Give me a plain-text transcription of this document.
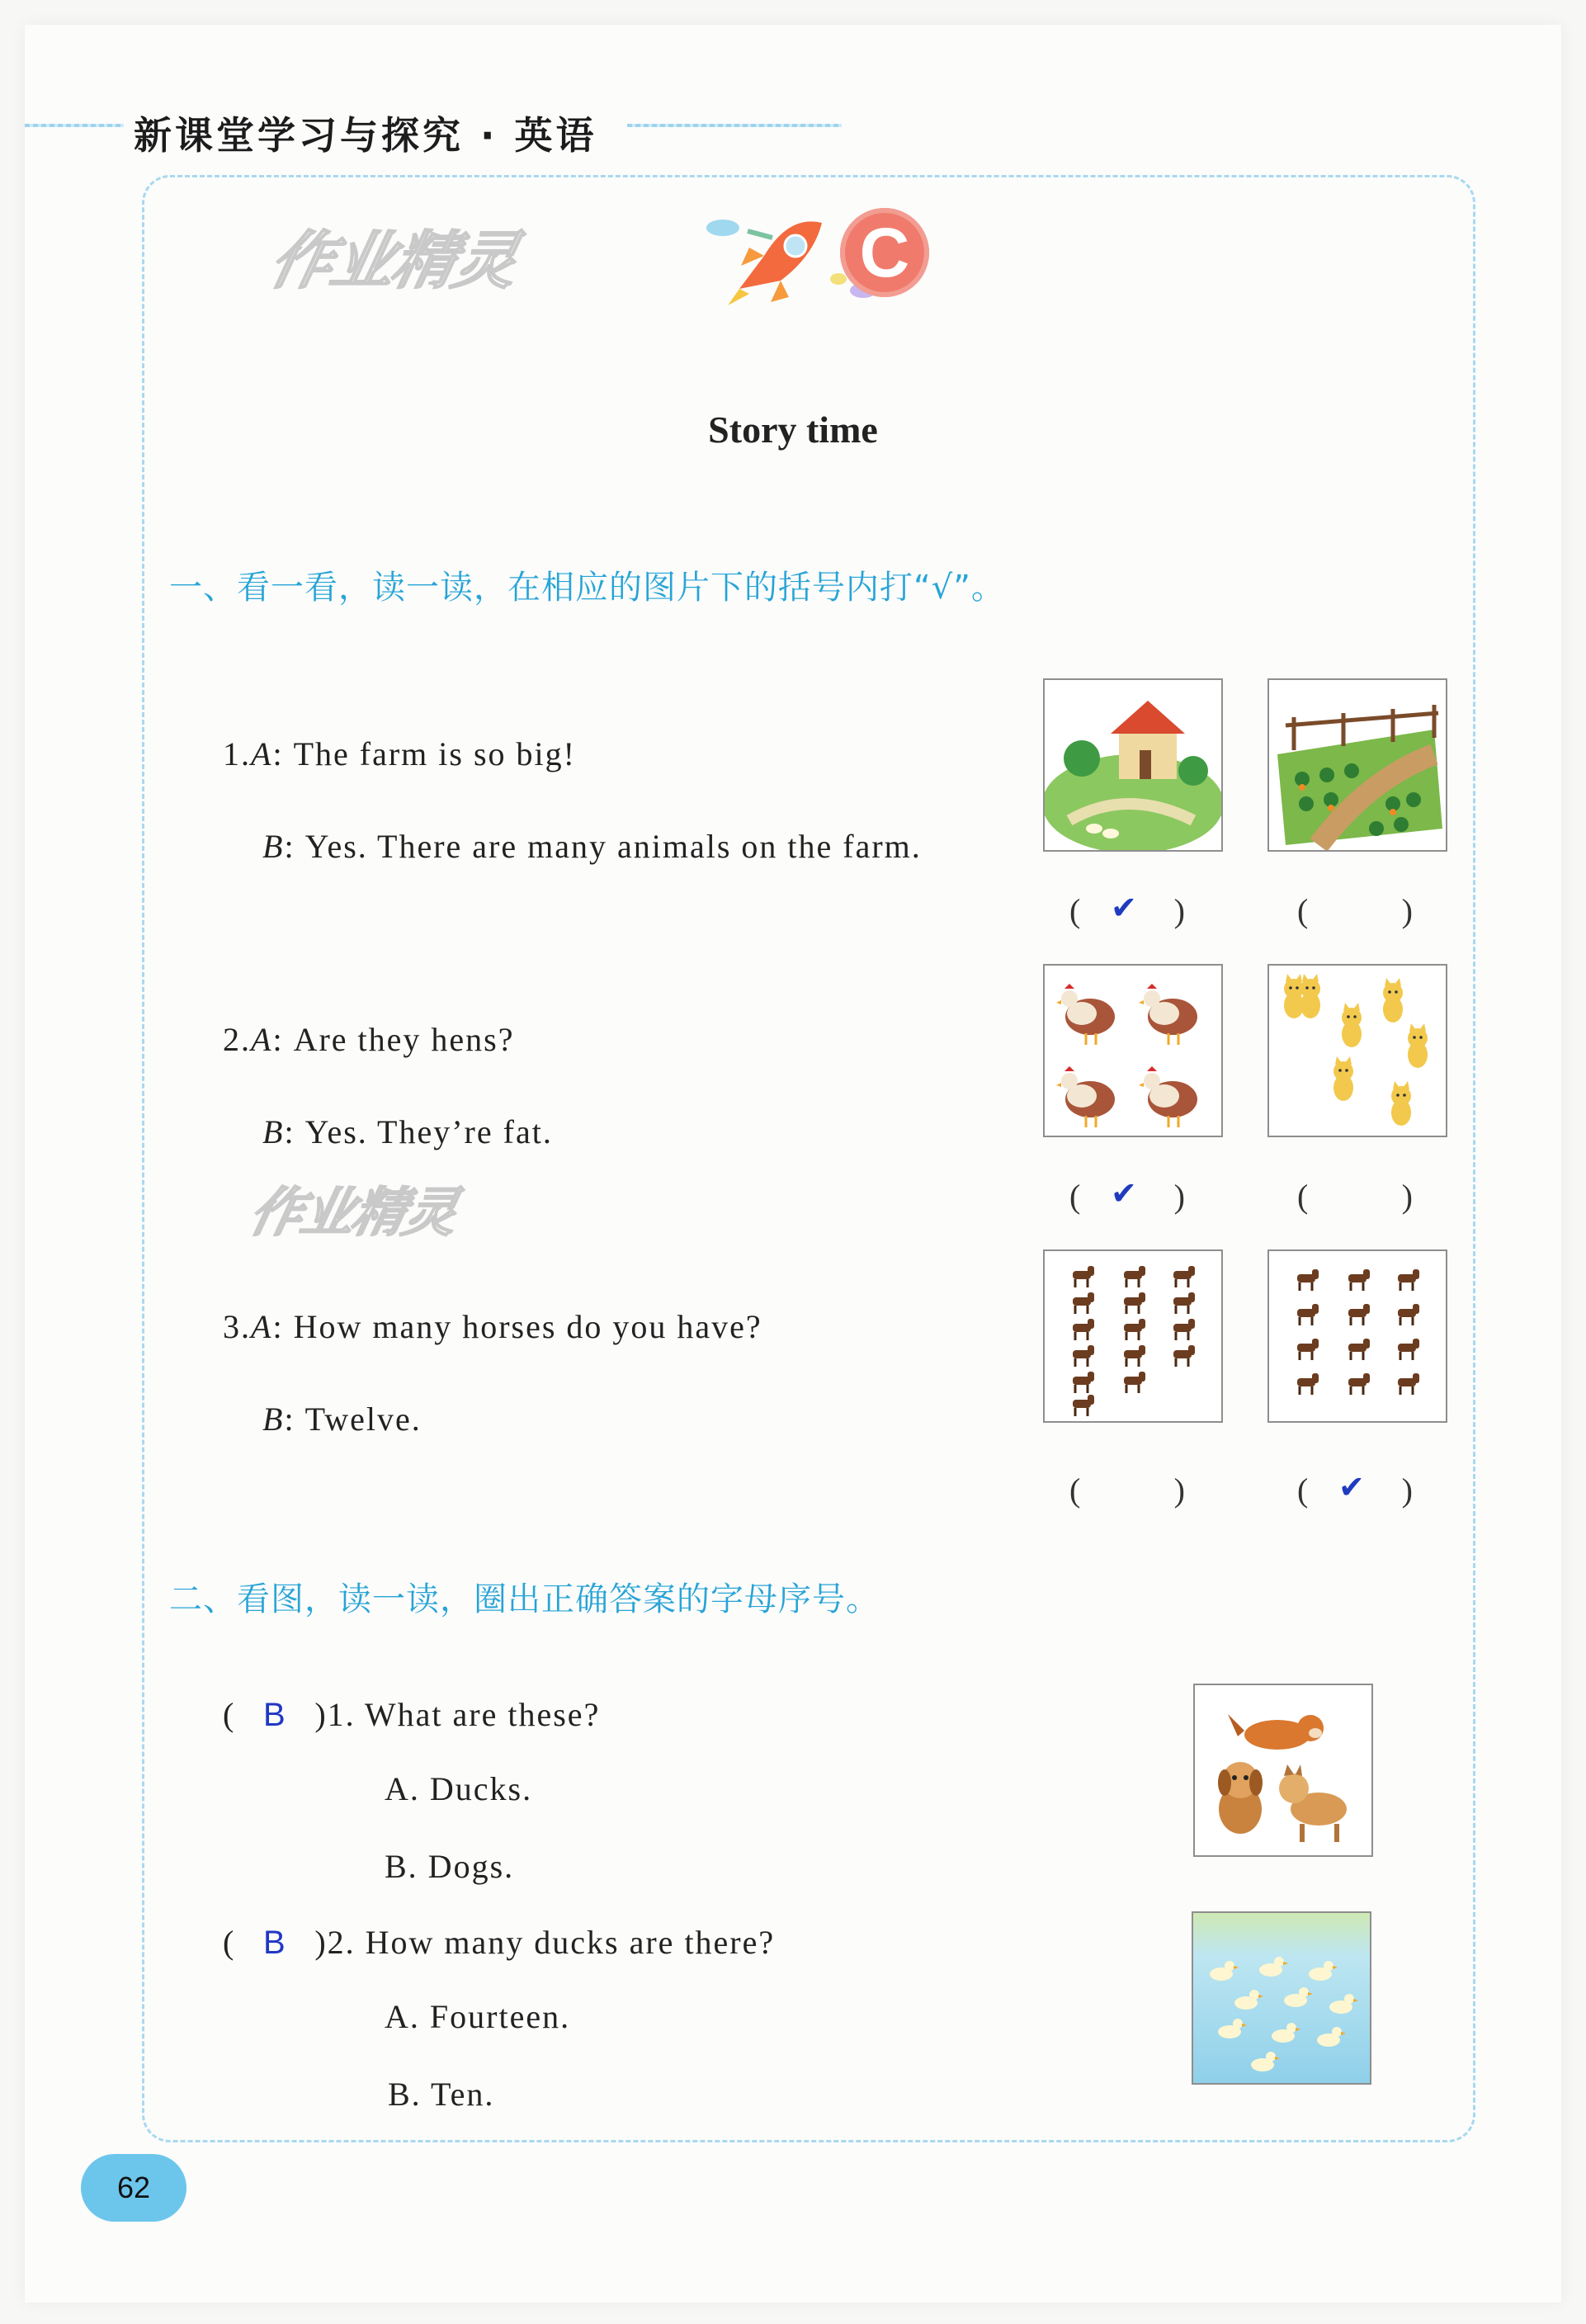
新课堂学习与探究 · 英语
作业精灵
作业精灵
C
Story time
一、看一看，读一读，在相应的图片下的括号内打“√”。
1.A: The farm is so big!
B: Yes. There are many animals on the farm.
( ✔ )	(	)
2.A: Are they hens?
B: Yes. They’re fat.
( ✔ )	(	)
3.A: How many horses do you have?
B: Twelve.
(	)	( ✔ )
二、看图，读一读，圈出正确答案的字母序号。
( B )1. What are these?
A. Ducks.
B. Dogs.
( B )2. How many ducks are there?
A. Fourteen.
B. Ten.
62
